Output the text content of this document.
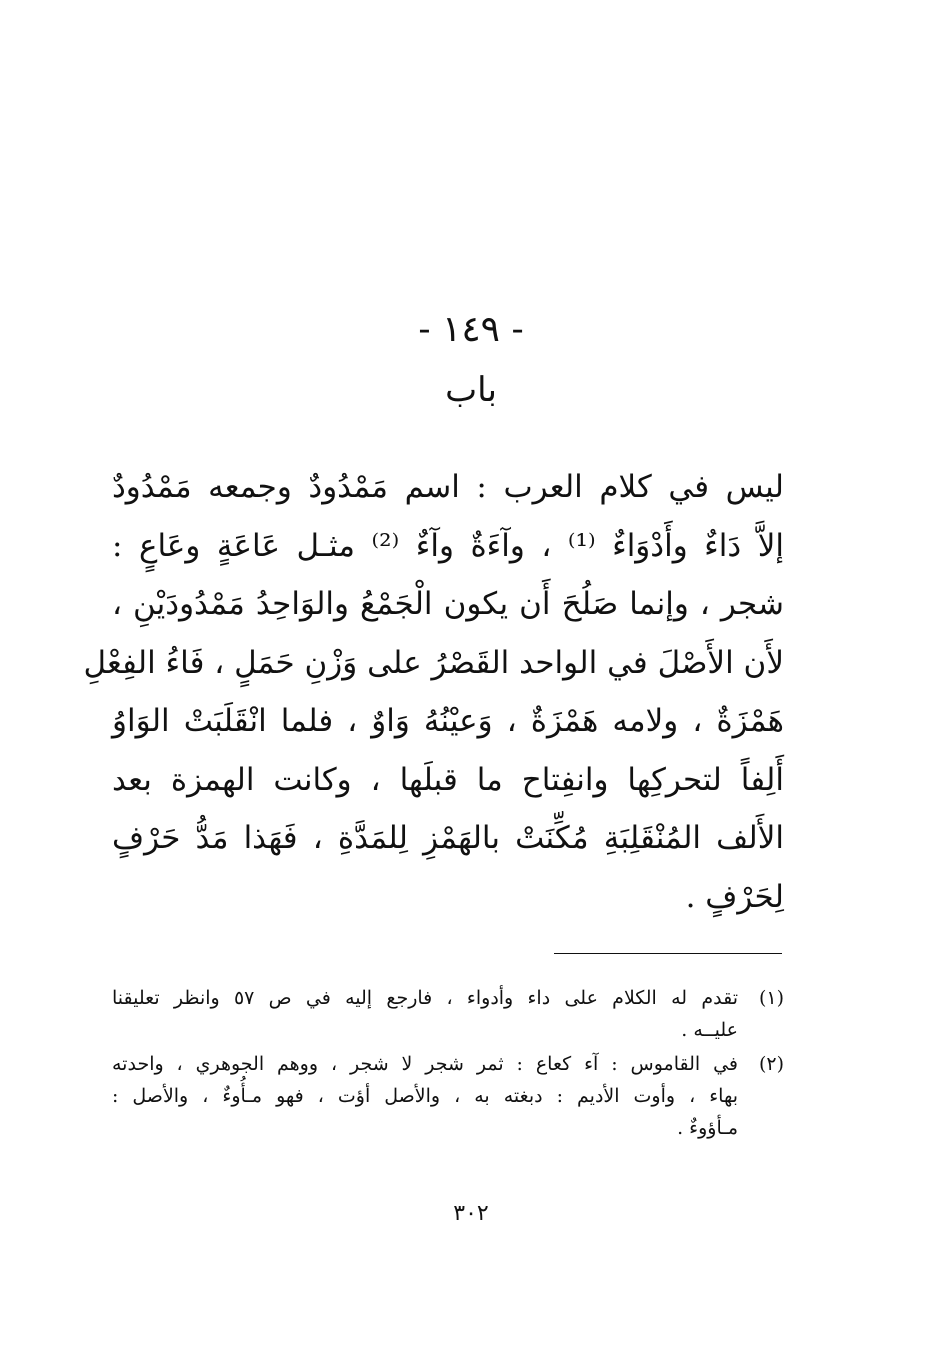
- ١٤٩ -
باب
ليس في كلام العرب : اسم مَمْدُودٌ وجمعه مَمْدُودٌ
إلاَّ دَاءٌ وأَدْوَاءٌ ⁽¹⁾ ، وآءَةٌ وآءٌ ⁽²⁾ مثـل عَاعَةٍ وعَاعٍ :
شجر ، وإنما صَلُحَ أَن يكون الْجَمْعُ والوَاحِدُ مَمْدُودَيْنِ ،
لأَن الأَصْلَ في الواحد القَصْرُ على وَزْنِ حَمَلٍ ، فَاءُ الفِعْلِ
هَمْزَةٌ ، ولامه هَمْزَةٌ ، وَعيْنُهُ وَاوٌ ، فلما انْقَلَبَتْ الوَاوُ
أَلِفاً لتحركِها وانفِتاح ما قبلَها ، وكانت الهمزة بعد
الأَلف المُنْقَلِبَةِ مُكِّنَتْ بالهَمْزِ لِلمَدَّةِ ، فَهَذا مَدُّ حَرْفٍ
لِحَرْفٍ .
(١)
تقدم له الكلام على داء وأدواء ، فارجع إليه في ص ٥٧ وانظر تعليقنا
عليــه .
(٢)
في القاموس : آء كعاع : ثمر شجر لا شجر ، ووهم الجوهري ، واحدته
بهاء ، وأوت الأديم : دبغته به ، والأصل أؤت ، فهو مـأُوءٌ ، والأصل :
مـأؤوءٌ .
٣٠٢
